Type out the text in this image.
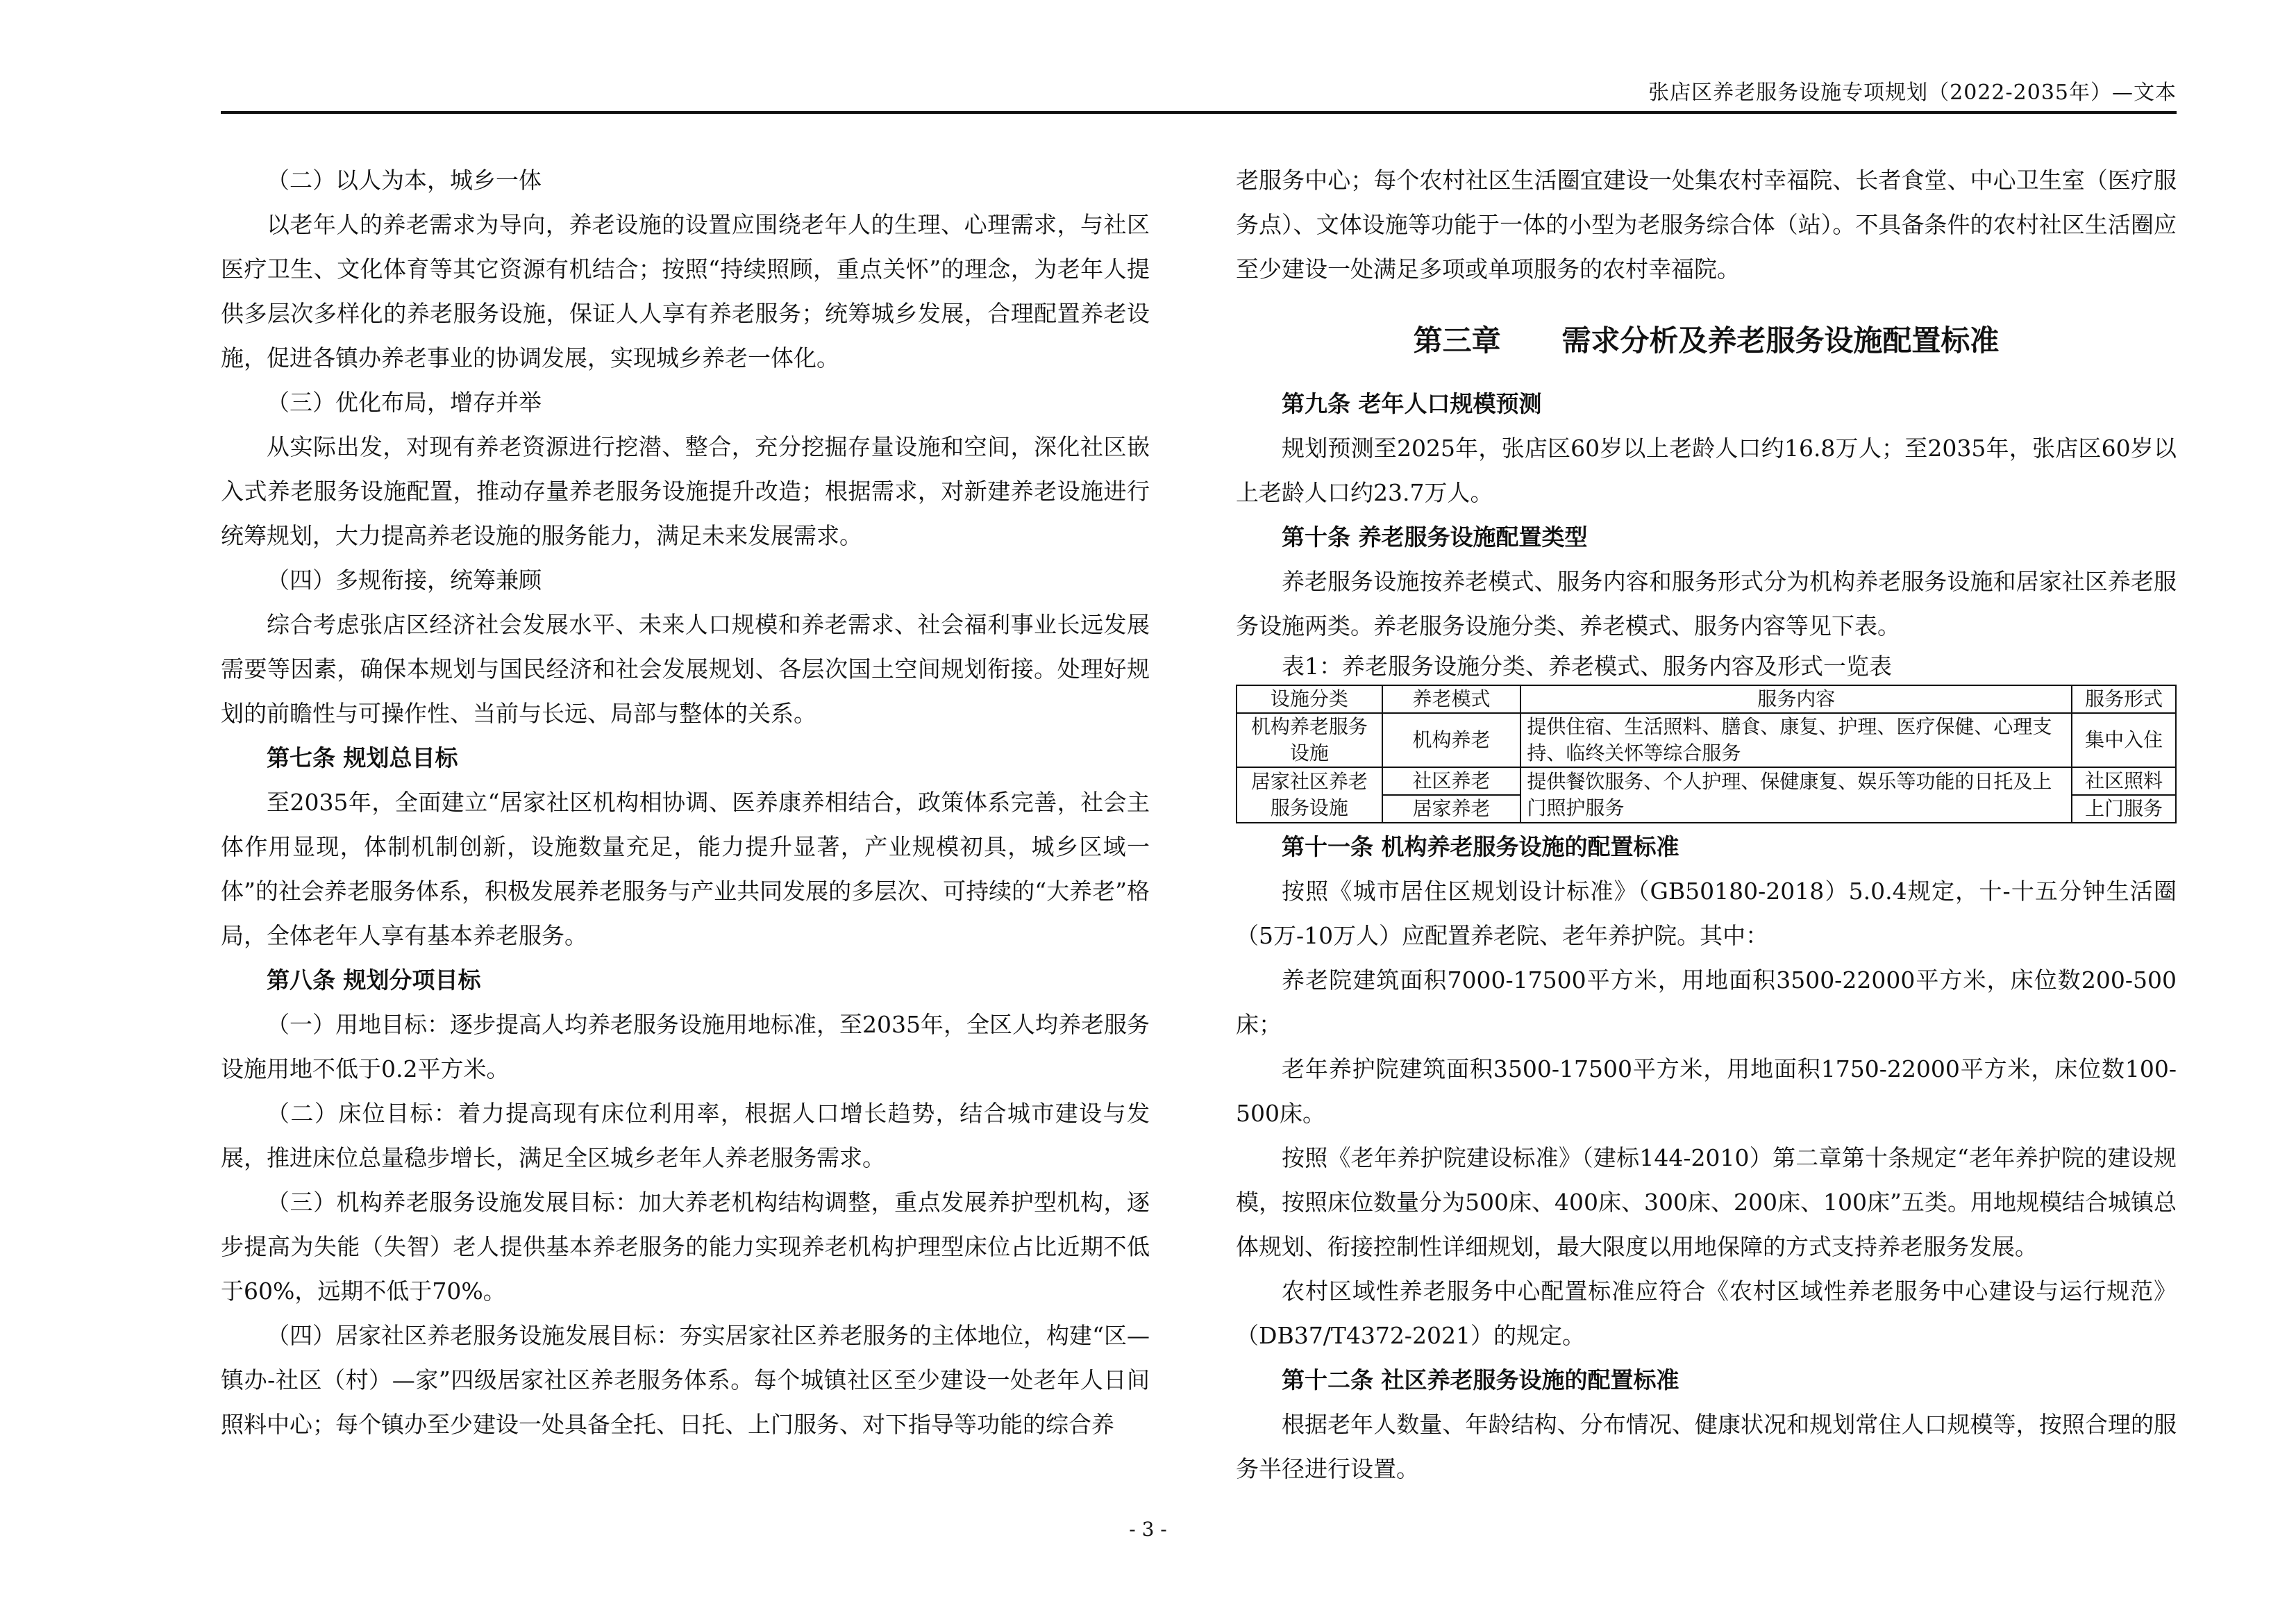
张店区养老服务设施专项规划（2022-2035年）—文本

（二）以人为本，城乡一体

以老年人的养老需求为导向，养老设施的设置应围绕老年人的生理、心理需求，与社区医疗卫生、文化体育等其它资源有机结合；按照“持续照顾，重点关怀”的理念，为老年人提供多层次多样化的养老服务设施，保证人人享有养老服务；统筹城乡发展，合理配置养老设施，促进各镇办养老事业的协调发展，实现城乡养老一体化。

（三）优化布局，增存并举

从实际出发，对现有养老资源进行挖潜、整合，充分挖掘存量设施和空间，深化社区嵌入式养老服务设施配置，推动存量养老服务设施提升改造；根据需求，对新建养老设施进行统筹规划，大力提高养老设施的服务能力，满足未来发展需求。

（四）多规衔接，统筹兼顾

综合考虑张店区经济社会发展水平、未来人口规模和养老需求、社会福利事业长远发展需要等因素，确保本规划与国民经济和社会发展规划、各层次国土空间规划衔接。处理好规划的前瞻性与可操作性、当前与长远、局部与整体的关系。

第七条 规划总目标

至2035年，全面建立“居家社区机构相协调、医养康养相结合，政策体系完善，社会主体作用显现，体制机制创新，设施数量充足，能力提升显著，产业规模初具，城乡区域一体”的社会养老服务体系，积极发展养老服务与产业共同发展的多层次、可持续的“大养老”格局，全体老年人享有基本养老服务。

第八条 规划分项目标

（一）用地目标：逐步提高人均养老服务设施用地标准，至2035年，全区人均养老服务设施用地不低于0.2平方米。

（二）床位目标：着力提高现有床位利用率，根据人口增长趋势，结合城市建设与发展，推进床位总量稳步增长，满足全区城乡老年人养老服务需求。

（三）机构养老服务设施发展目标：加大养老机构结构调整，重点发展养护型机构，逐步提高为失能（失智）老人提供基本养老服务的能力实现养老机构护理型床位占比近期不低于60%，远期不低于70%。

（四）居家社区养老服务设施发展目标：夯实居家社区养老服务的主体地位，构建“区—镇办-社区（村）—家”四级居家社区养老服务体系。每个城镇社区至少建设一处老年人日间照料中心；每个镇办至少建设一处具备全托、日托、上门服务、对下指导等功能的综合养

老服务中心；每个农村社区生活圈宜建设一处集农村幸福院、长者食堂、中心卫生室（医疗服务点）、文体设施等功能于一体的小型为老服务综合体（站）。不具备条件的农村社区生活圈应至少建设一处满足多项或单项服务的农村幸福院。

第三章      需求分析及养老服务设施配置标准

第九条 老年人口规模预测

规划预测至2025年，张店区60岁以上老龄人口约16.8万人；至2035年，张店区60岁以上老龄人口约23.7万人。

第十条 养老服务设施配置类型

养老服务设施按养老模式、服务内容和服务形式分为机构养老服务设施和居家社区养老服务设施两类。养老服务设施分类、养老模式、服务内容等见下表。

表1：养老服务设施分类、养老模式、服务内容及形式一览表

设施分类	养老模式	服务内容	服务形式
机构养老服务设施	机构养老	提供住宿、生活照料、膳食、康复、护理、医疗保健、心理支持、临终关怀等综合服务	集中入住
居家社区养老服务设施	社区养老	提供餐饮服务、个人护理、保健康复、娱乐等功能的日托及上门照护服务	社区照料
	居家养老		上门服务

第十一条 机构养老服务设施的配置标准

按照《城市居住区规划设计标准》（GB50180-2018）5.0.4规定，十-十五分钟生活圈（5万-10万人）应配置养老院、老年养护院。其中：

养老院建筑面积7000-17500平方米，用地面积3500-22000平方米，床位数200-500床；

老年养护院建筑面积3500-17500平方米，用地面积1750-22000平方米，床位数100-500床。

按照《老年养护院建设标准》（建标144-2010）第二章第十条规定“老年养护院的建设规模，按照床位数量分为500床、400床、300床、200床、100床”五类。用地规模结合城镇总体规划、衔接控制性详细规划，最大限度以用地保障的方式支持养老服务发展。

农村区域性养老服务中心配置标准应符合《农村区域性养老服务中心建设与运行规范》（DB37/T4372-2021）的规定。

第十二条 社区养老服务设施的配置标准

根据老年人数量、年龄结构、分布情况、健康状况和规划常住人口规模等，按照合理的服务半径进行设置。

- 3 -
